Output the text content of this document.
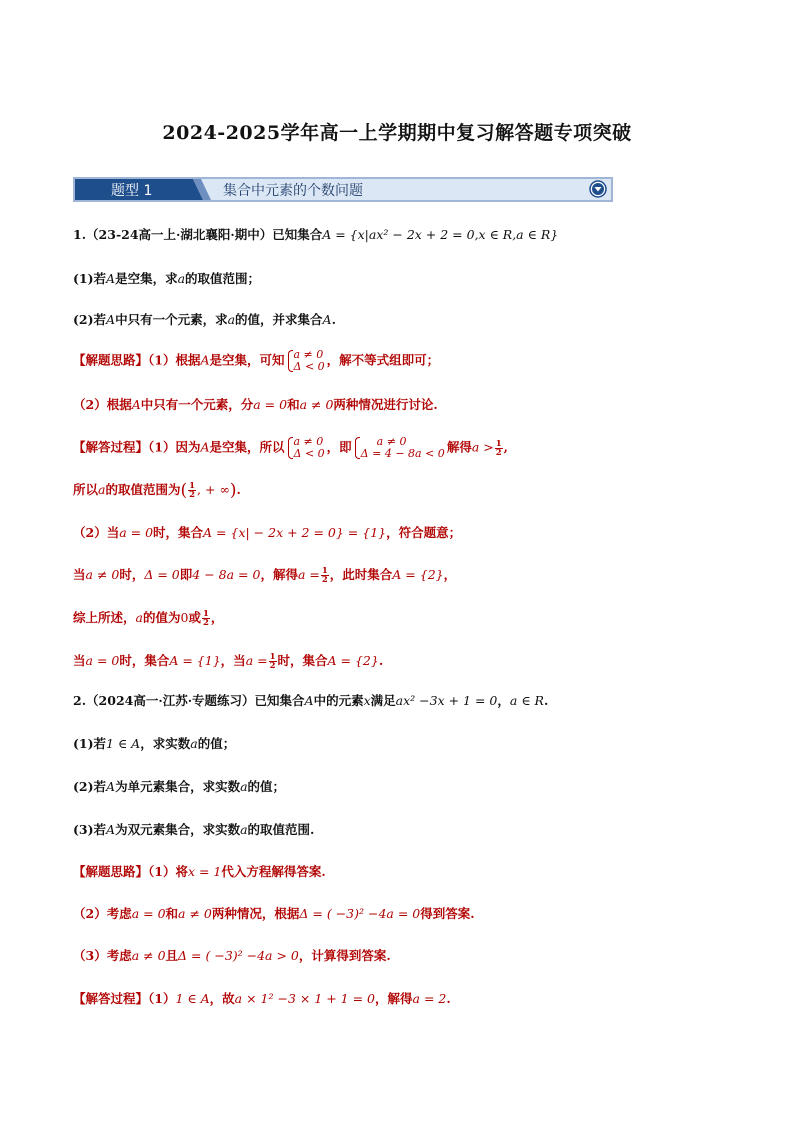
2024-2025学年高一上学期期中复习解答题专项突破
题型 1	集合中元素的个数问题
1.（23-24高一上·湖北襄阳·期中）已知集合A = {x|ax² − 2x + 2 = 0,x ∈ R,a ∈ R}
(1)若A是空集，求a的取值范围；
(2)若A中只有一个元素，求a的值，并求集合A.
【解题思路】（1）根据A是空集，可知 a ≠ 0
Δ < 0 ，解不等式组即可；
（2）根据A中只有一个元素，分a = 0和a ≠ 0两种情况进行讨论.
【解答过程】（1）因为A是空集，所以 a ≠ 0
Δ < 0 ，即	a ≠ 0
Δ = 4 − 8a < 0 解得$a > \frac{1}{2}$ ,
所以a的取值范围为( $\frac{1}{2}$ , + ∞).
（2）当a = 0时，集合A = {x| − 2x + 2 = 0} = {1}，符合题意；
当a ≠ 0时，Δ = 0即4 − 8a = 0，解得$a = \frac{1}{2}$ ，此时集合A = {2}，
综上所述，a的值为0或 $\frac{1}{2}$ ，
当a = 0时，集合A = {1}，当$a = \frac{1}{2}$ 时，集合A = {2}.
2.（2024高一·江苏·专题练习）已知集合A中的元素x满足ax² −3x + 1 = 0，a ∈ R.
(1)若1 ∈ A，求实数a的值；
(2)若A为单元素集合，求实数a的值；
(3)若A为双元素集合，求实数a的取值范围.
【解题思路】（1）将x = 1代入方程解得答案.
（2）考虑a = 0和a ≠ 0两种情况，根据Δ = ( −3)² −4a = 0得到答案.
（3）考虑a ≠ 0且Δ = ( −3)² −4a > 0，计算得到答案.
【解答过程】（1）1 ∈ A，故a × 1² −3 × 1 + 1 = 0，解得a = 2.
